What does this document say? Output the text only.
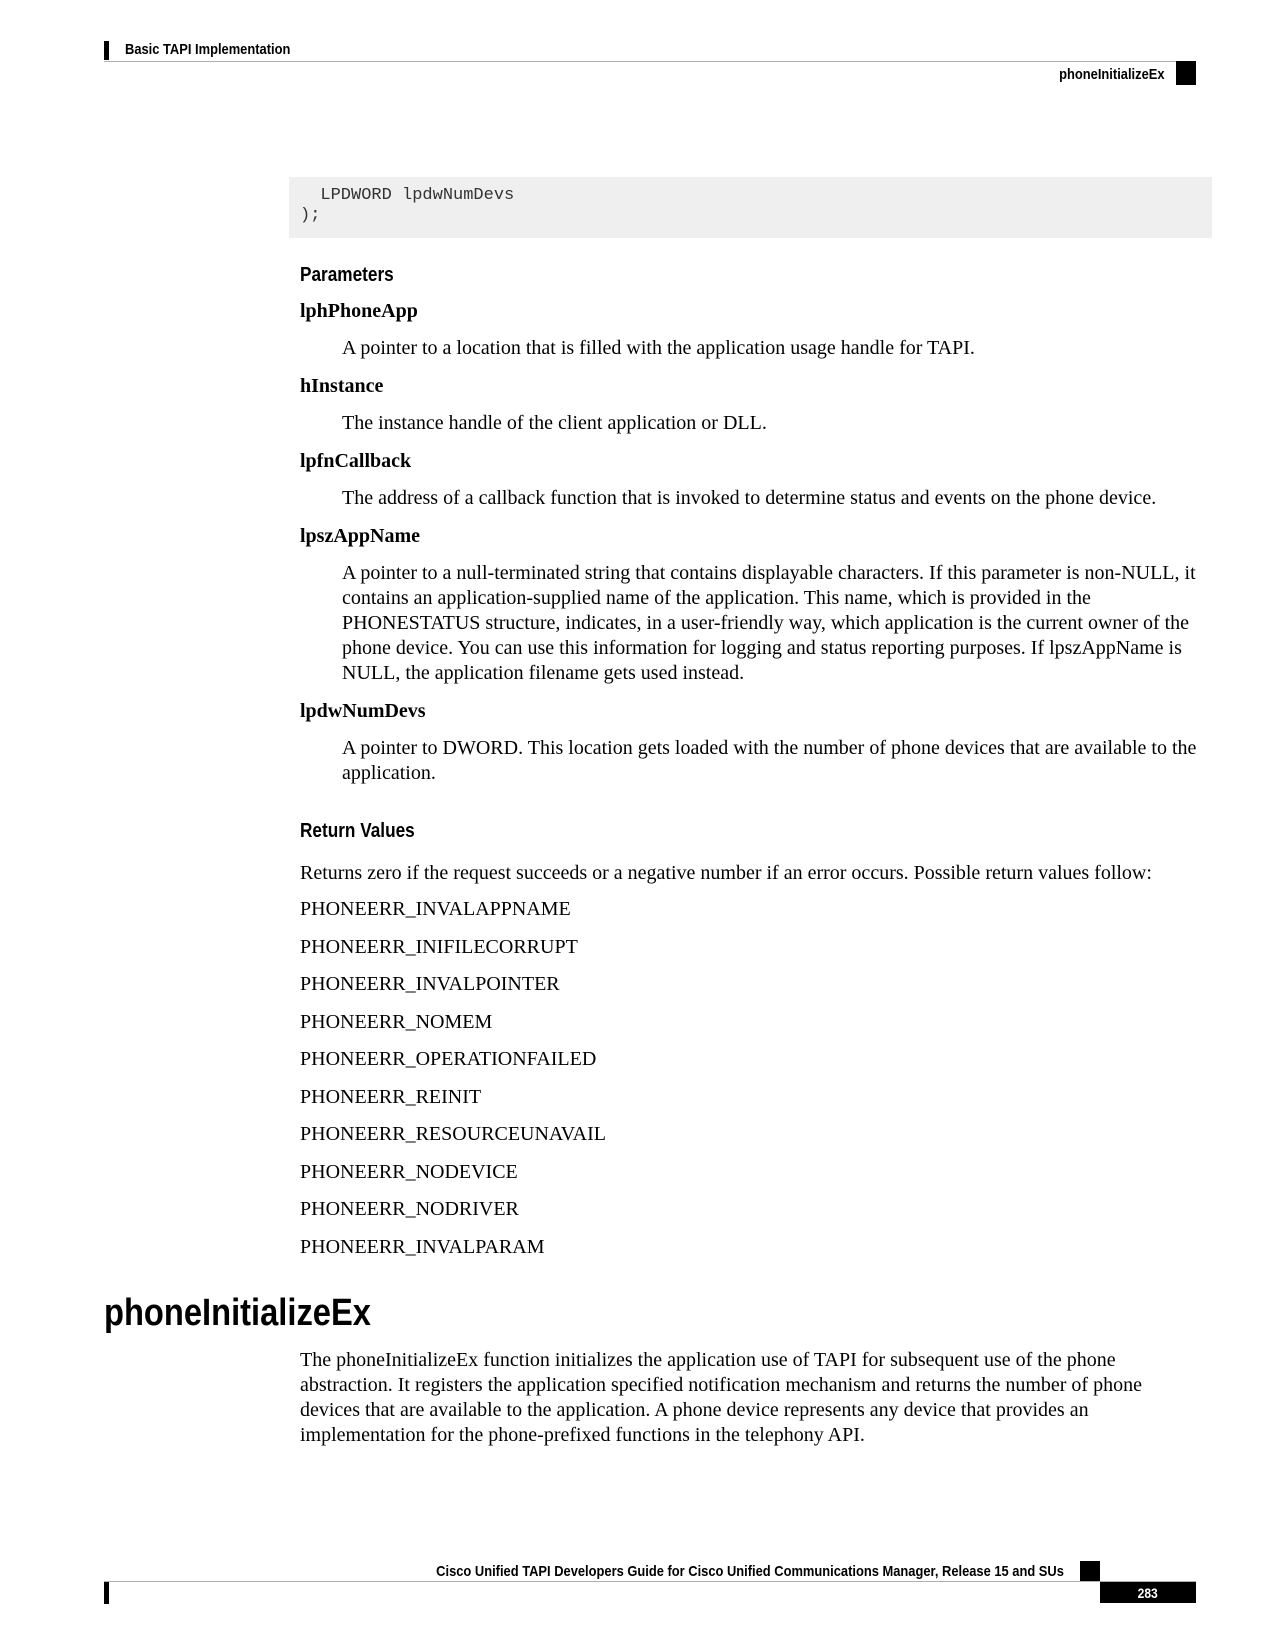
Basic TAPI Implementation
phoneInitializeEx
LPDWORD lpdwNumDevs
);
Parameters
lphPhoneApp
A pointer to a location that is filled with the application usage handle for TAPI.
hInstance
The instance handle of the client application or DLL.
lpfnCallback
The address of a callback function that is invoked to determine status and events on the phone device.
lpszAppName
A pointer to a null-terminated string that contains displayable characters. If this parameter is non-NULL, it contains an application-supplied name of the application. This name, which is provided in the PHONESTATUS structure, indicates, in a user-friendly way, which application is the current owner of the phone device. You can use this information for logging and status reporting purposes. If lpszAppName is NULL, the application filename gets used instead.
lpdwNumDevs
A pointer to DWORD. This location gets loaded with the number of phone devices that are available to the application.
Return Values
Returns zero if the request succeeds or a negative number if an error occurs. Possible return values follow:
PHONEERR_INVALAPPNAME
PHONEERR_INIFILECORRUPT
PHONEERR_INVALPOINTER
PHONEERR_NOMEM
PHONEERR_OPERATIONFAILED
PHONEERR_REINIT
PHONEERR_RESOURCEUNAVAIL
PHONEERR_NODEVICE
PHONEERR_NODRIVER
PHONEERR_INVALPARAM
phoneInitializeEx
The phoneInitializeEx function initializes the application use of TAPI for subsequent use of the phone abstraction. It registers the application specified notification mechanism and returns the number of phone devices that are available to the application. A phone device represents any device that provides an implementation for the phone-prefixed functions in the telephony API.
Cisco Unified TAPI Developers Guide for Cisco Unified Communications Manager, Release 15 and SUs
283
